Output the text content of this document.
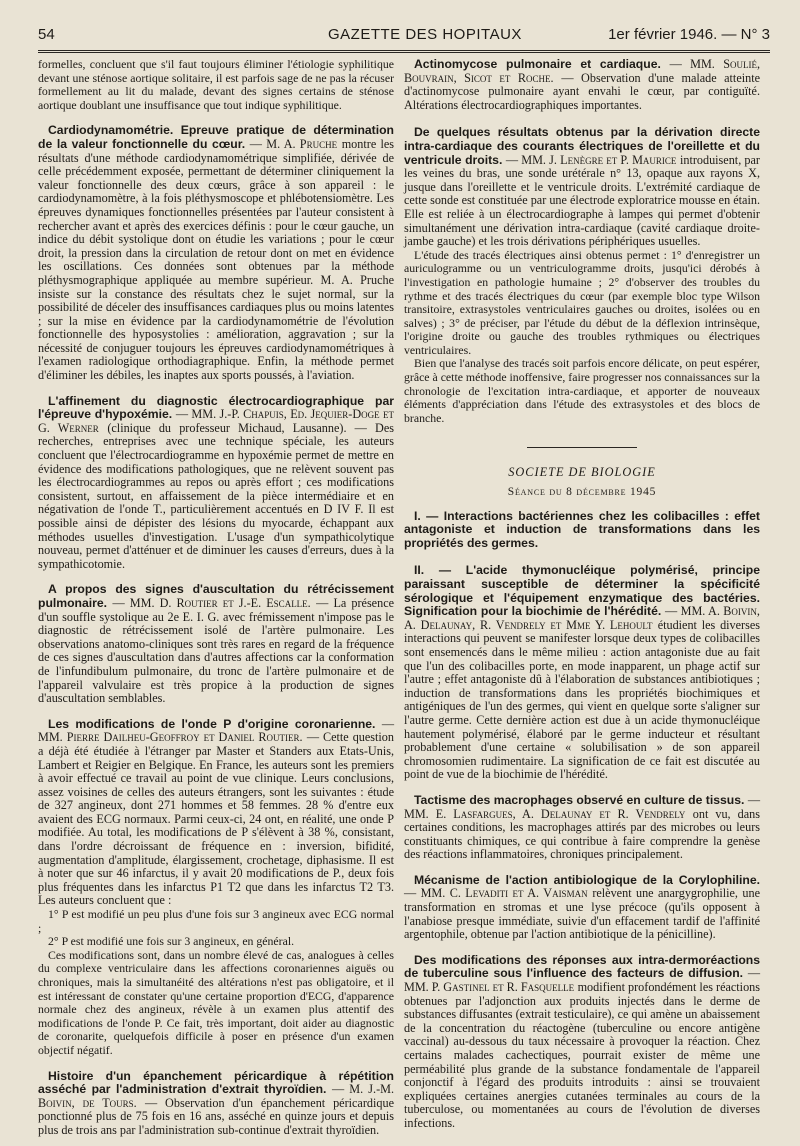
54	GAZETTE DES HOPITAUX	1er février 1946. — N° 3

formelles, concluent que s'il faut toujours éliminer l'étiologie syphilitique devant une sténose aortique solitaire, il est parfois sage de ne pas la récuser formellement au lit du malade, devant des signes certains de sténose aortique doublant une insuffisance que tout indique syphilitique.

Cardiodynamométrie. Epreuve pratique de détermination de la valeur fonctionnelle du cœur. — M. A. Pruche montre les résultats d'une méthode cardiodynamométrique simplifiée, dérivée de celle précédemment exposée, permettant de déterminer cliniquement la valeur fonctionnelle des deux cœurs, grâce à son appareil : le cardiodynamomètre, à la fois pléthysmoscope et phlébotensiomètre. Les épreuves dynamiques fonctionnelles présentées par l'auteur consistent à rechercher avant et après des exercices définis : pour le cœur gauche, un indice du débit systolique dont on étudie les variations ; pour le cœur droit, la pression dans la circulation de retour dont on met en évidence les oscillations. Ces données sont obtenues par la méthode pléthysmographique appliquée au membre supérieur. M. A. Pruche insiste sur la constance des résultats chez le sujet normal, sur la possibilité de déceler des insuffisances cardiaques plus ou moins latentes ; sur la mise en évidence par la cardiodynamométrie de l'évolution fonctionnelle des hyposystolies : amélioration, aggravation ; sur la nécessité de conjuguer toujours les épreuves cardiodynamométriques à l'examen radiologique orthodiagraphique. Enfin, la méthode permet d'éliminer les débiles, les inaptes aux sports poussés, à l'aviation.

L'affinement du diagnostic électrocardiographique par l'épreuve d'hypoxémie. — MM. J.-P. Chapuis, Ed. Jequier-Doge et G. Werner (clinique du professeur Michaud, Lausanne). — Des recherches, entreprises avec une technique spéciale, les auteurs concluent que l'électrocardiogramme en hypoxémie permet de mettre en évidence des modifications pathologiques, que ne relèvent souvent pas les électrocardiogrammes au repos ou après effort ; ces modifications consistent, surtout, en affaissement de la pièce intermédiaire et en négativation de l'onde T., particulièrement accentués en D IV F. Il est possible ainsi de dépister des lésions du myocarde, échappant aux méthodes usuelles d'investigation. L'usage d'un sympathicolytique nouveau, permet d'atténuer et de diminuer les causes d'erreurs, dues à la sympathicotomie.

A propos des signes d'auscultation du rétrécissement pulmonaire. — MM. D. Routier et J.-E. Escalle. — La présence d'un souffle systolique au 2e E. I. G. avec frémissement n'impose pas le diagnostic de rétrécissement isolé de l'artère pulmonaire. Les observations anatomo-cliniques sont très rares en regard de la fréquence de ces signes d'auscultation dans d'autres affections car la conformation de l'infundibulum pulmonaire, du tronc de l'artère pulmonaire et de l'appareil valvulaire est très propice à la production de signes d'auscultation semblables.

Les modifications de l'onde P d'origine coronarienne. — MM. Pierre Dailheu-Geoffroy et Daniel Routier. — Cette question a déjà été étudiée à l'étranger par Master et Standers aux Etats-Unis, Lambert et Reigier en Belgique. En France, les auteurs sont les premiers à avoir effectué ce travail au point de vue clinique. Leurs conclusions, assez voisines de celles des auteurs étrangers, sont les suivantes : étude de 327 angineux, dont 271 hommes et 58 femmes. 28 % d'entre eux avaient des ECG normaux. Parmi ceux-ci, 24 ont, en réalité, une onde P modifiée. Au total, les modifications de P s'élèvent à 38 %, consistant, dans l'ordre décroissant de fréquence en : inversion, bifidité, augmentation d'amplitude, élargissement, crochetage, diphasisme. Il est à noter que sur 46 infarctus, il y avait 20 modifications de P., deux fois plus fréquentes dans les infarctus P1 T2 que dans les infarctus T2 T3. Les auteurs concluent que :

1° P est modifié un peu plus d'une fois sur 3 angineux avec ECG normal ;

2° P est modifié une fois sur 3 angineux, en général.

Ces modifications sont, dans un nombre élevé de cas, analogues à celles du complexe ventriculaire dans les affections coronariennes aiguës ou chroniques, mais la simultanéité des altérations n'est pas obligatoire, et il est intéressant de constater qu'une certaine proportion d'ECG, d'apparence normale chez des angineux, révèle à un examen plus attentif des modifications de l'onde P. Ce fait, très important, doit aider au diagnostic de coronarite, quelquefois difficile à poser en présence d'un examen objectif négatif.

Histoire d'un épanchement péricardique à répétition asséché par l'administration d'extrait thyroïdien. — M. J.-M. Boivin, de Tours. — Observation d'un épanchement péricardique ponctionné plus de 75 fois en 16 ans, asséché en quinze jours et depuis plus de trois ans par l'administration sub-continue d'extrait thyroïdien.

Actinomycose pulmonaire et cardiaque. — MM. Soulié, Bouvrain, Sicot et Roche. — Observation d'une malade atteinte d'actinomycose pulmonaire ayant envahi le cœur, par contiguïté. Altérations électrocardiographiques importantes.

De quelques résultats obtenus par la dérivation directe intra-cardiaque des courants électriques de l'oreillette et du ventricule droits. — MM. J. Lenègre et P. Maurice introduisent, par les veines du bras, une sonde urétérale n° 13, opaque aux rayons X, jusque dans l'oreillette et le ventricule droits. L'extrémité cardiaque de cette sonde est constituée par une électrode exploratrice mousse en étain. Elle est reliée à un électrocardiographe à lampes qui permet d'obtenir simultanément une dérivation intra-cardiaque (cavité cardiaque droite-jambe gauche) et les trois dérivations périphériques usuelles.

L'étude des tracés électriques ainsi obtenus permet : 1° d'enregistrer un auriculogramme ou un ventriculogramme droits, jusqu'ici dérobés à l'investigation en pathologie humaine ; 2° d'observer des troubles du rythme et des tracés électriques du cœur (par exemple bloc type Wilson transitoire, extrasystoles ventriculaires gauches ou droites, isolées ou en salves) ; 3° de préciser, par l'étude du début de la déflexion intrinsèque, l'origine droite ou gauche des troubles rythmiques ou électriques ventriculaires.

Bien que l'analyse des tracés soit parfois encore délicate, on peut espérer, grâce à cette méthode inoffensive, faire progresser nos connaissances sur la chronologie de l'excitation intra-cardiaque, et apporter de nouveaux éléments d'appréciation dans l'étude des extrasystoles et des blocs de branche.

SOCIETE DE BIOLOGIE
Séance du 8 décembre 1945

I. — Interactions bactériennes chez les colibacilles : effet antagoniste et induction de transformations dans les propriétés des germes.

II. — L'acide thymonucléique polymérisé, principe paraissant susceptible de déterminer la spécificité sérologique et l'équipement enzymatique des bactéries. Signification pour la biochimie de l'hérédité. — MM. A. Boivin, A. Delaunay, R. Vendrely et Mme Y. Lehoult étudient les diverses interactions qui peuvent se manifester lorsque deux types de colibacilles sont ensemencés dans le même milieu : action antagoniste due au fait que l'un des colibacilles porte, en mode inapparent, un phage actif sur l'autre ; effet antagoniste dû à l'élaboration de substances antibiotiques ; induction de transformations dans les propriétés biochimiques et antigéniques de l'un des germes, qui vient en quelque sorte s'aligner sur l'autre germe. Cette dernière action est due à un acide thymonucléique hautement polymérisé, élaboré par le germe inducteur et résultant probablement d'une certaine « solubilisation » de son appareil chromosomien rudimentaire. La signification de ce fait est discutée au point de vue de la biochimie de l'hérédité.

Tactisme des macrophages observé en culture de tissus. — MM. E. Lasfargues, A. Delaunay et R. Vendrely ont vu, dans certaines conditions, les macrophages attirés par des microbes ou leurs constituants chimiques, ce qui contribue à faire comprendre la genèse des réactions inflammatoires, chroniques principalement.

Mécanisme de l'action antibiologique de la Corylophiline. — MM. C. Levaditi et A. Vaisman relèvent une anargygrophilie, une transformation en stromas et une lyse précoce (qu'ils opposent à l'anabiose presque immédiate, suivie d'un effacement tardif de l'affinité argentophile, obtenue par l'action antibiotique de la pénicilline).

Des modifications des réponses aux intra-dermoréactions de tuberculine sous l'influence des facteurs de diffusion. — MM. P. Gastinel et R. Fasquelle modifient profondément les réactions obtenues par l'adjonction aux produits injectés dans le derme de substances diffusantes (extrait testiculaire), ce qui amène un abaissement de la concentration du réactogène (tuberculine ou encore antigène vaccinal) au-dessous du taux nécessaire à provoquer la réaction. Chez certains malades cachectiques, pourrait exister de même une perméabilité plus grande de la substance fondamentale de l'appareil conjonctif à l'égard des produits introduits : ainsi se trouvaient expliquées certaines anergies cutanées terminales au cours de la tuberculose, ou momentanées au cours de l'évolution de diverses infections.
